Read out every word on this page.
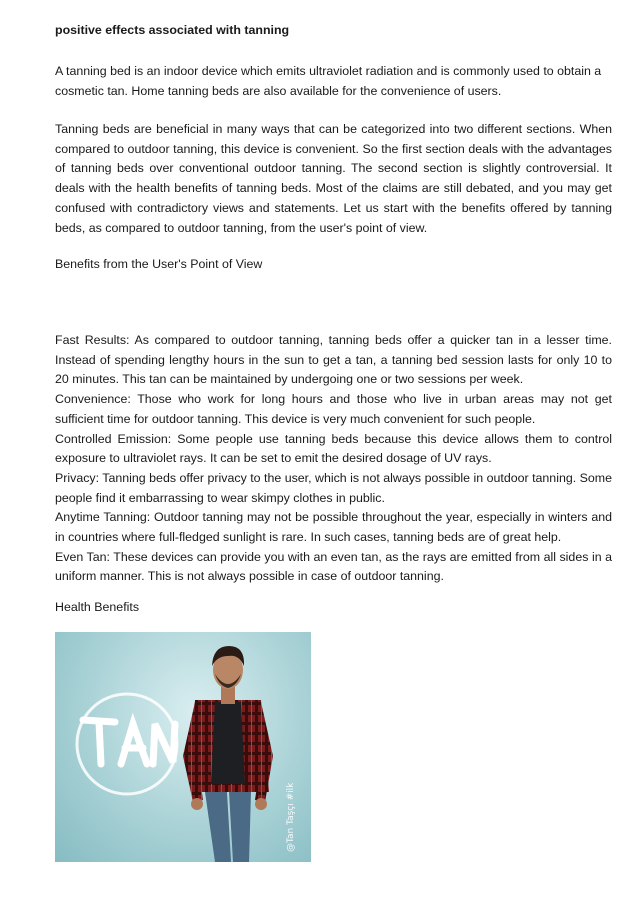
positive effects associated with tanning

A tanning bed is an indoor device which emits ultraviolet radiation and is commonly used to obtain a cosmetic tan. Home tanning beds are also available for the convenience of users.

Tanning beds are beneficial in many ways that can be categorized into two different sections. When compared to outdoor tanning, this device is convenient. So the first section deals with the advantages of tanning beds over conventional outdoor tanning. The second section is slightly controversial. It deals with the health benefits of tanning beds. Most of the claims are still debated, and you may get confused with contradictory views and statements. Let us start with the benefits offered by tanning beds, as compared to outdoor tanning, from the user's point of view.

Benefits from the User's Point of View

Fast Results: As compared to outdoor tanning, tanning beds offer a quicker tan in a lesser time. Instead of spending lengthy hours in the sun to get a tan, a tanning bed session lasts for only 10 to 20 minutes. This tan can be maintained by undergoing one or two sessions per week.

Convenience: Those who work for long hours and those who live in urban areas may not get sufficient time for outdoor tanning. This device is very much convenient for such people.

Controlled Emission: Some people use tanning beds because this device allows them to control exposure to ultraviolet rays. It can be set to emit the desired dosage of UV rays.

Privacy: Tanning beds offer privacy to the user, which is not always possible in outdoor tanning. Some people find it embarrassing to wear skimpy clothes in public.

Anytime Tanning: Outdoor tanning may not be possible throughout the year, especially in winters and in countries where full-fledged sunlight is rare. In such cases, tanning beds are of great help.

Even Tan: These devices can provide you with an even tan, as the rays are emitted from all sides in a uniform manner. This is not always possible in case of outdoor tanning.

Health Benefits
@Tan Taşçı #ilk
